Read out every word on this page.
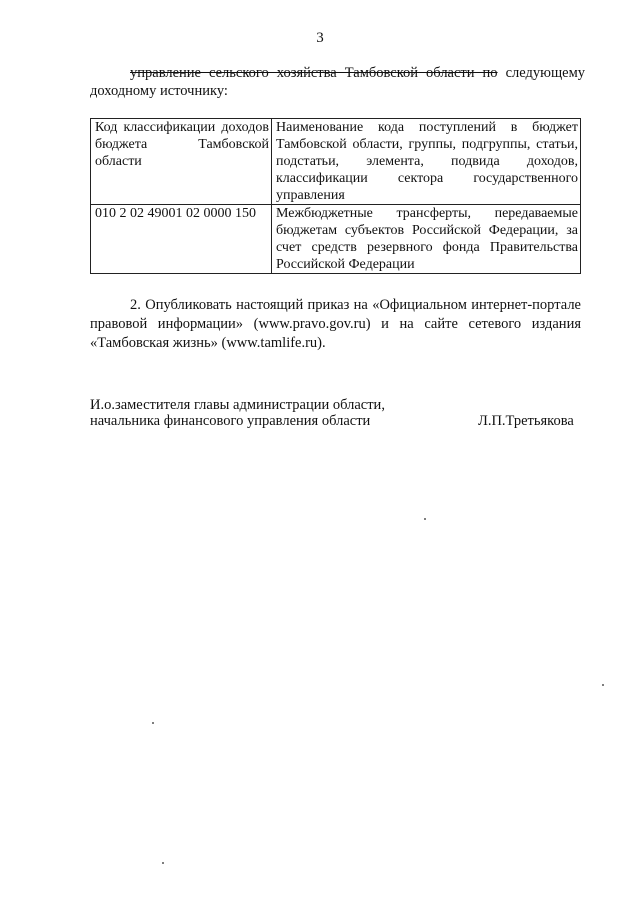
3
управление сельского хозяйства Тамбовской области по следующему
доходному источнику:
Код классификации доходов бюджета Тамбовской области	Наименование кода поступлений в бюджет Тамбовской области, группы, подгруппы, статьи, подстатьи, элемента, подвида доходов, классификации сектора государственного управления
010 2 02 49001 02 0000 150	Межбюджетные трансферты, передаваемые бюджетам субъектов Российской Федерации, за счет средств резервного фонда Правительства Российской Федерации
2. Опубликовать настоящий приказ на «Официальном интернет-портале правовой информации» (www.pravo.gov.ru) и на сайте сетевого издания «Тамбовская жизнь» (www.tamlife.ru).
И.о.заместителя главы администрации области,
начальника финансового управления области	Л.П.Третьякова
